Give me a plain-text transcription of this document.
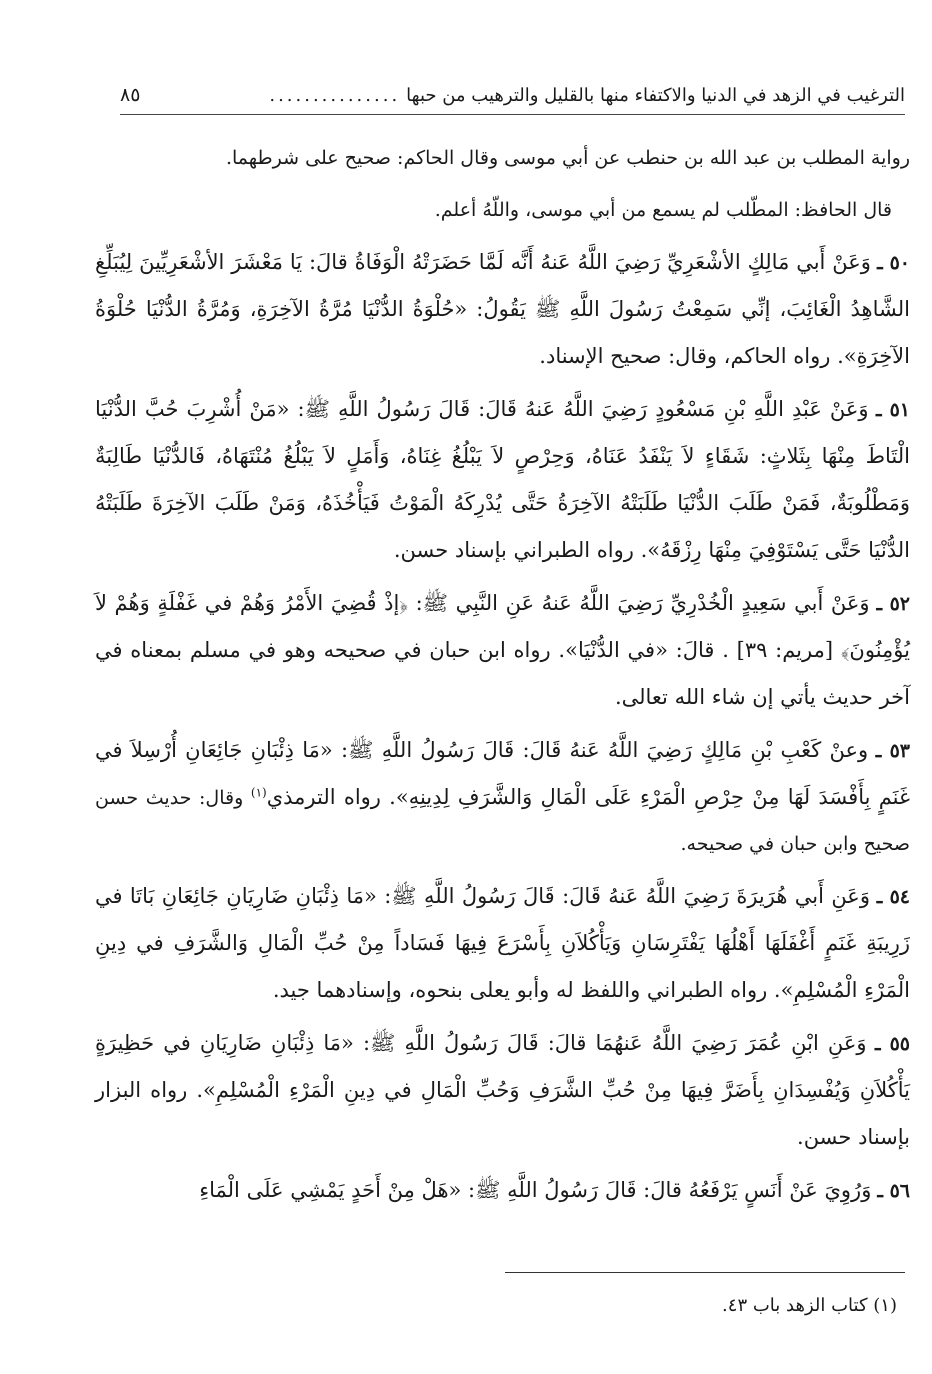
الترغيب في الزهد في الدنيا والاكتفاء منها بالقليل والترهيب من حبها
...............
٨٥

رواية المطلب بن عبد الله بن حنطب عن أبي موسى وقال الحاكم: صحيح على شرطهما.

قال الحافظ: المطّلب لم يسمع من أبي موسى، واللّهُ أعلم.

٥٠ ـ وَعَنْ أَبي مَالِكٍ الأشْعَرِيِّ رَضِيَ اللَّهُ عَنهُ أَنَّه لَمَّا حَضَرَتْهُ الْوَفَاةُ قالَ: يَا مَعْشَرَ الأشْعَرِيِّينَ لِيُبَلِّغِ الشَّاهِدُ الْغَائِبَ، إنِّي سَمِعْتُ رَسُولَ اللَّهِ ﷺ يَقُولُ: «حُلْوَةُ الدُّنْيَا مُرَّةُ الآخِرَةِ، وَمُرَّةُ الدُّنْيَا حُلْوَةُ الآخِرَةِ». رواه الحاكم، وقال: صحيح الإسناد.

٥١ ـ وَعَنْ عَبْدِ اللَّهِ بْنِ مَسْعُودٍ رَضِيَ اللَّهُ عَنهُ قَالَ: قَالَ رَسُولُ اللَّهِ ﷺ: «مَنْ أُشْرِبَ حُبَّ الدُّنْيَا الْتَاطَ مِنْهَا بِثَلاثٍ: شَقَاءٍ لاَ يَنْفَدُ عَنَاهُ، وَحِرْصٍ لاَ يَبْلُغُ غِنَاهُ، وَأَمَلٍ لاَ يَبْلُغُ مُنْتَهَاهُ، فَالدُّنْيَا طَالِبَةٌ وَمَطْلُوبَةٌ، فَمَنْ طَلَبَ الدُّنْيَا طَلَبَتْهُ الآخِرَةُ حَتَّى يُدْرِكَهُ الْمَوْتُ فَيَأْخُذَهُ، وَمَنْ طَلَبَ الآخِرَةَ طَلَبَتْهُ الدُّنْيَا حَتَّى يَسْتَوْفِيَ مِنْهَا رِزْقَهُ». رواه الطبراني بإسناد حسن.

٥٢ ـ وَعَنْ أَبي سَعِيدٍ الْخُدْرِيِّ رَضِيَ اللَّهُ عَنهُ عَنِ النَّبِي ﷺ: ﴿إذْ قُضِيَ الأَمْرُ وَهُمْ في غَفْلَةٍ وَهُمْ لاَ يُؤْمِنُونَ﴾ [مريم: ٣٩] . قالَ: «في الدُّنْيَا». رواه ابن حبان في صحيحه وهو في مسلم بمعناه في آخر حديث يأتي إن شاء الله تعالى.

٥٣ ـ وعنْ كَعْبِ بْنِ مَالِكٍ رَضِيَ اللَّهُ عَنهُ قَالَ: قَالَ رَسُولُ اللَّهِ ﷺ: «مَا ذِئْبَانِ جَائِعَانِ أُرْسِلاَ في غَنَمٍ بِأَفْسَدَ لَهَا مِنْ حِرْصِ الْمَرْءِ عَلَى الْمَالِ وَالشَّرَفِ لِدِينِهِ». رواه الترمذي$^{(١)}$ وقال: حديث حسن صحيح وابن حبان في صحيحه.

٥٤ ـ وَعَنِ أَبي هُرَيرَةَ رَضِيَ اللَّهُ عَنهُ قَالَ: قَالَ رَسُولُ اللَّهِ ﷺ: «مَا ذِئْبَانِ ضَارِيَانِ جَائِعَانِ بَاتَا في زَرِيبَةِ غَنَمٍ أَغْفَلَهَا أَهْلُهَا يَفْتَرِسَانِ وَيَأْكُلاَنِ بِأَسْرَعَ فِيهَا فَسَاداً مِنْ حُبِّ الْمَالِ وَالشَّرَفِ في دِينِ الْمَرْءِ الْمُسْلِمِ». رواه الطبراني واللفظ له وأبو يعلى بنحوه، وإسنادهما جيد.

٥٥ ـ وَعَنِ ابْنِ عُمَرَ رَضِيَ اللَّهُ عَنهُمَا قالَ: قَالَ رَسُولُ اللَّهِ ﷺ: «مَا ذِئْبَانِ ضَارِيَانِ في حَظِيرَةٍ يَأْكُلاَنِ وَيُفْسِدَانِ بِأَضَرَّ فِيهَا مِنْ حُبِّ الشَّرَفِ وَحُبِّ الْمَالِ في دِينِ الْمَرْءِ الْمُسْلِمِ». رواه البزار بإسناد حسن.

٥٦ ـ وَرُوِيَ عَنْ أَنَسٍ يَرْفَعُهُ قالَ: قَالَ رَسُولُ اللَّهِ ﷺ: «هَلْ مِنْ أَحَدٍ يَمْشِي عَلَى الْمَاءِ

(١) كتاب الزهد باب ٤٣.
